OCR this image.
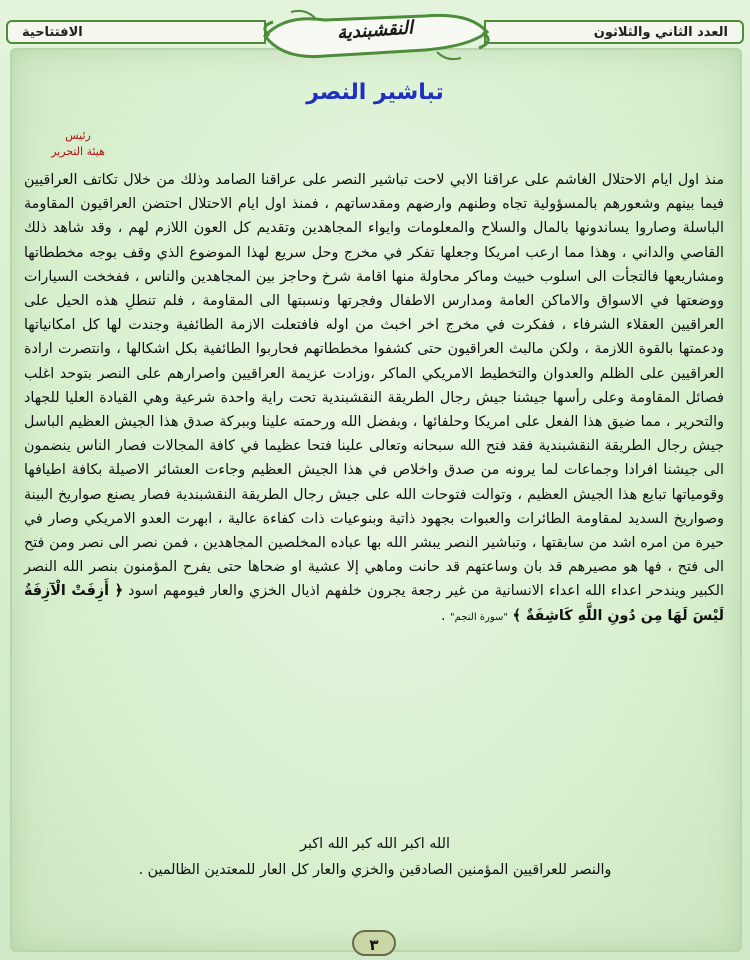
العدد الثاني والثلاثون
الافتتاحية	النقشبندية
تباشير النصر
رئيس
هيئة التحرير

منذ اول ايام الاحتلال الغاشم على عراقنا الابي لاحت تباشير النصر على عراقنا الصامد وذلك من خلال تكاتف العراقيين فيما بينهم وشعورهم بالمسؤولية تجاه وطنهم وارضهم ومقدساتهم ، فمنذ اول ايام الاحتلال احتضن العراقيون المقاومة الباسلة وصاروا يساندونها بالمال والسلاح والمعلومات وايواء المجاهدين وتقديم كل العون اللازم لهم ، وقد شاهد ذلك القاصي والداني ، وهذا مما ارعب امريكا وجعلها تفكر في مخرج وحل سريع لهذا الموضوع الذي وقف بوجه مخططاتها ومشاريعها فالتجأت الى اسلوب خبيث وماكر محاولة منها اقامة شرخ وحاجز بين المجاهدين والناس ، ففخخت السيارات ووضعتها في الاسواق والاماكن العامة ومدارس الاطفال وفجرتها ونسبتها الى المقاومة ، فلم تنطلِ هذه الحيل على العراقيين العقلاء الشرفاء ، ففكرت في مخرج اخر اخبث من اوله فافتعلت الازمة الطائفية وجندت لها كل امكانياتها ودعمتها بالقوة اللازمة ، ولكن مالبث العراقيون حتى كشفوا مخططاتهم فحاربوا الطائفية بكل اشكالها ، وانتصرت ارادة العراقيين على الظلم والعدوان والتخطيط الامريكي الماكر ،وزادت عزيمة العراقيين واصرارهم على النصر بتوحد اغلب فصائل المقاومة وعلى رأسها جيشنا جيش رجال الطريقة النقشبندية تحت راية واحدة شرعية وهي القيادة العليا للجهاد والتحرير ، مما ضيق هذا الفعل على امريكا وحلفائها ، وبفضل الله ورحمته علينا وببركة صدق هذا الجيش العظيم الباسل جيش رجال الطريقة النقشبندية فقد فتح الله سبحانه وتعالى علينا فتحا عظيما في كافة المجالات فصار الناس ينضمون الى جيشنا افرادا وجماعات لما يرونه من صدق واخلاص في هذا الجيش العظيم وجاءت العشائر الاصيلة بكافة اطيافها وقومياتها تبايع هذا الجيش العظيم ، وتوالت فتوحات الله على جيش رجال الطريقة النقشبندية فصار يصنع صواريخ البينة وصواريخ السديد لمقاومة الطائرات والعبوات بجهود ذاتية وبنوعيات ذات كفاءة عالية ، ابهرت العدو الامريكي وصار في حيرة من امره اشد من سابقتها ، وتباشير النصر يبشر الله بها عباده المخلصين المجاهدين ، فمن نصر الى نصر ومن فتح الى فتح ، فها هو مصيرهم قد بان وساعتهم قد حانت وماهي إلا عشية او ضحاها حتى يفرح المؤمنون بنصر الله النصر الكبير ويندحر اعداء الله اعداء الانسانية من غير رجعة يجرون خلفهم اذيال الخزي والعار فيومهم اسود ﴿ أَزِفَتْ الْآزِفَةُ لَيْسَ لَهَا مِن دُونِ اللَّهِ كَاشِفَةٌ ﴾ "سورة النجم" .

الله اكبر الله كبر الله اكبر

والنصر للعراقيين المؤمنين الصادقين والخزي والعار كل العار للمعتدين الظالمين .

٣
